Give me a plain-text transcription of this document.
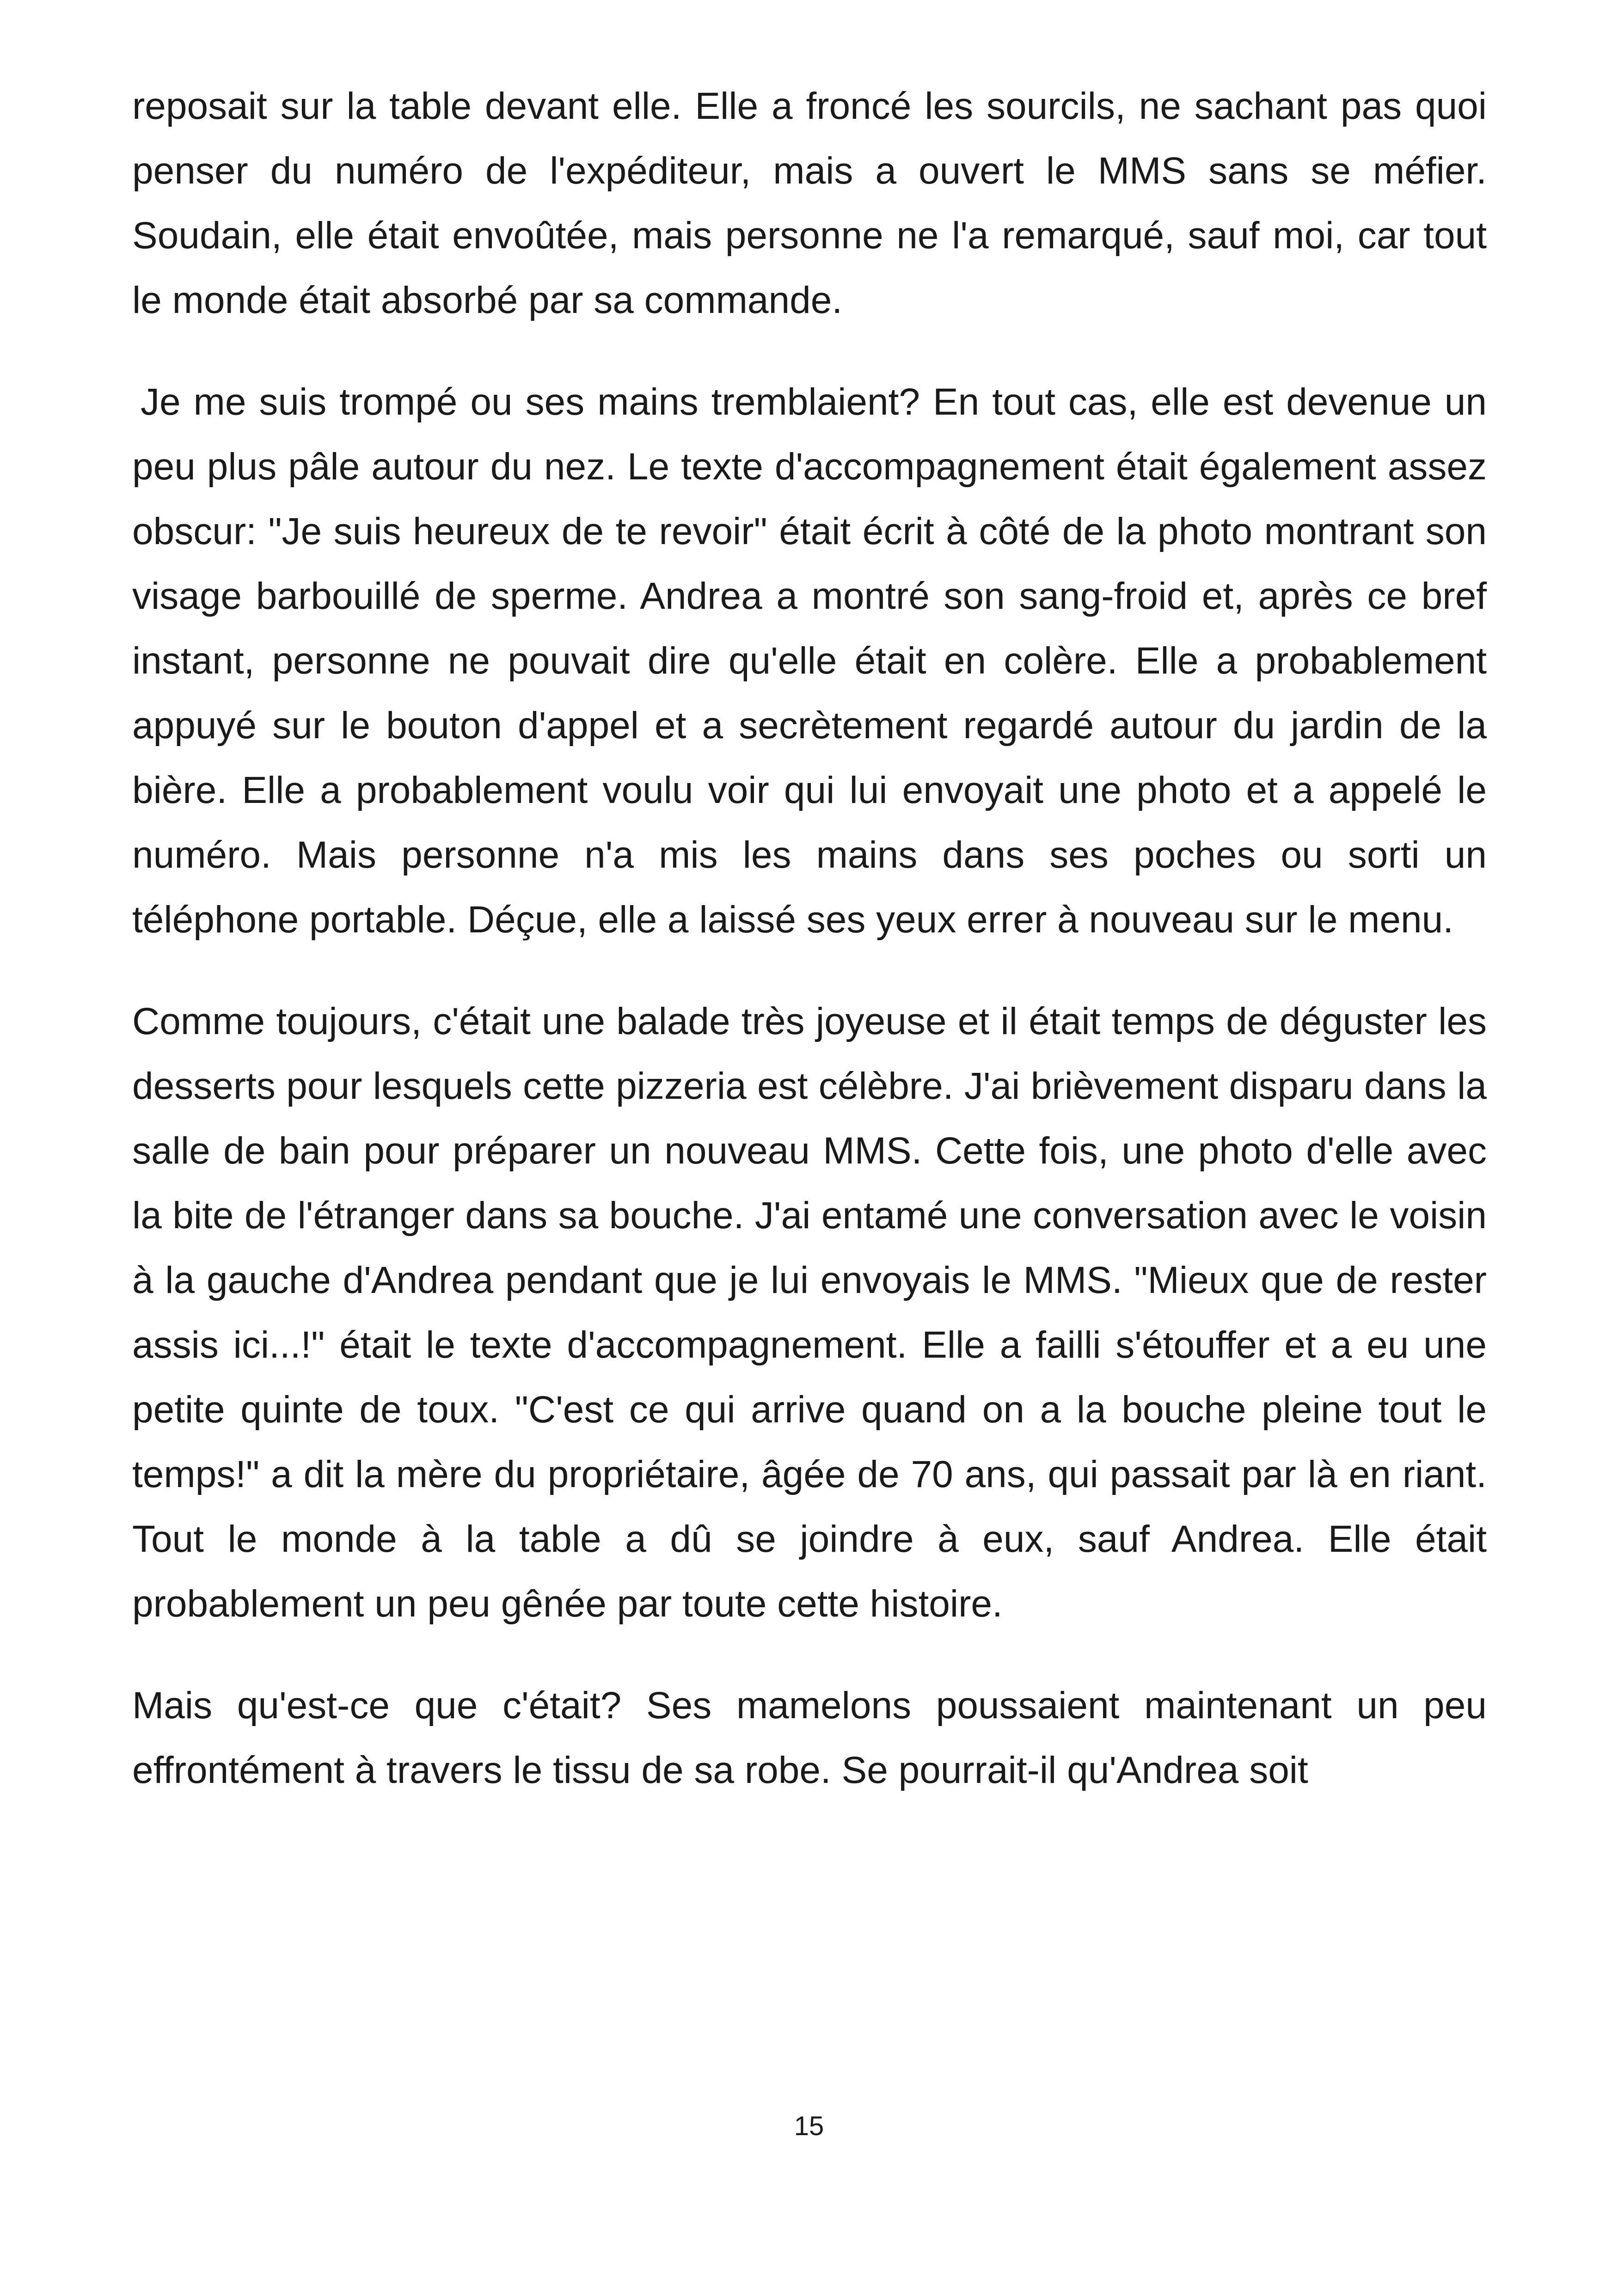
reposait sur la table devant elle. Elle a froncé les sourcils, ne sachant pas quoi penser du numéro de l'expéditeur, mais a ouvert le MMS sans se méfier. Soudain, elle était envoûtée, mais personne ne l'a remarqué, sauf moi, car tout le monde était absorbé par sa commande.

Je me suis trompé ou ses mains tremblaient? En tout cas, elle est devenue un peu plus pâle autour du nez. Le texte d'accompagnement était également assez obscur: "Je suis heureux de te revoir" était écrit à côté de la photo montrant son visage barbouillé de sperme. Andrea a montré son sang-froid et, après ce bref instant, personne ne pouvait dire qu'elle était en colère. Elle a probablement appuyé sur le bouton d'appel et a secrètement regardé autour du jardin de la bière. Elle a probablement voulu voir qui lui envoyait une photo et a appelé le numéro. Mais personne n'a mis les mains dans ses poches ou sorti un téléphone portable. Déçue, elle a laissé ses yeux errer à nouveau sur le menu.

Comme toujours, c'était une balade très joyeuse et il était temps de déguster les desserts pour lesquels cette pizzeria est célèbre. J'ai brièvement disparu dans la salle de bain pour préparer un nouveau MMS. Cette fois, une photo d'elle avec la bite de l'étranger dans sa bouche. J'ai entamé une conversation avec le voisin à la gauche d'Andrea pendant que je lui envoyais le MMS. "Mieux que de rester assis ici...!" était le texte d'accompagnement. Elle a failli s'étouffer et a eu une petite quinte de toux. "C'est ce qui arrive quand on a la bouche pleine tout le temps!" a dit la mère du propriétaire, âgée de 70 ans, qui passait par là en riant. Tout le monde à la table a dû se joindre à eux, sauf Andrea. Elle était probablement un peu gênée par toute cette histoire.

Mais qu'est-ce que c'était? Ses mamelons poussaient maintenant un peu effrontément à travers le tissu de sa robe. Se pourrait-il qu'Andrea soit

15
